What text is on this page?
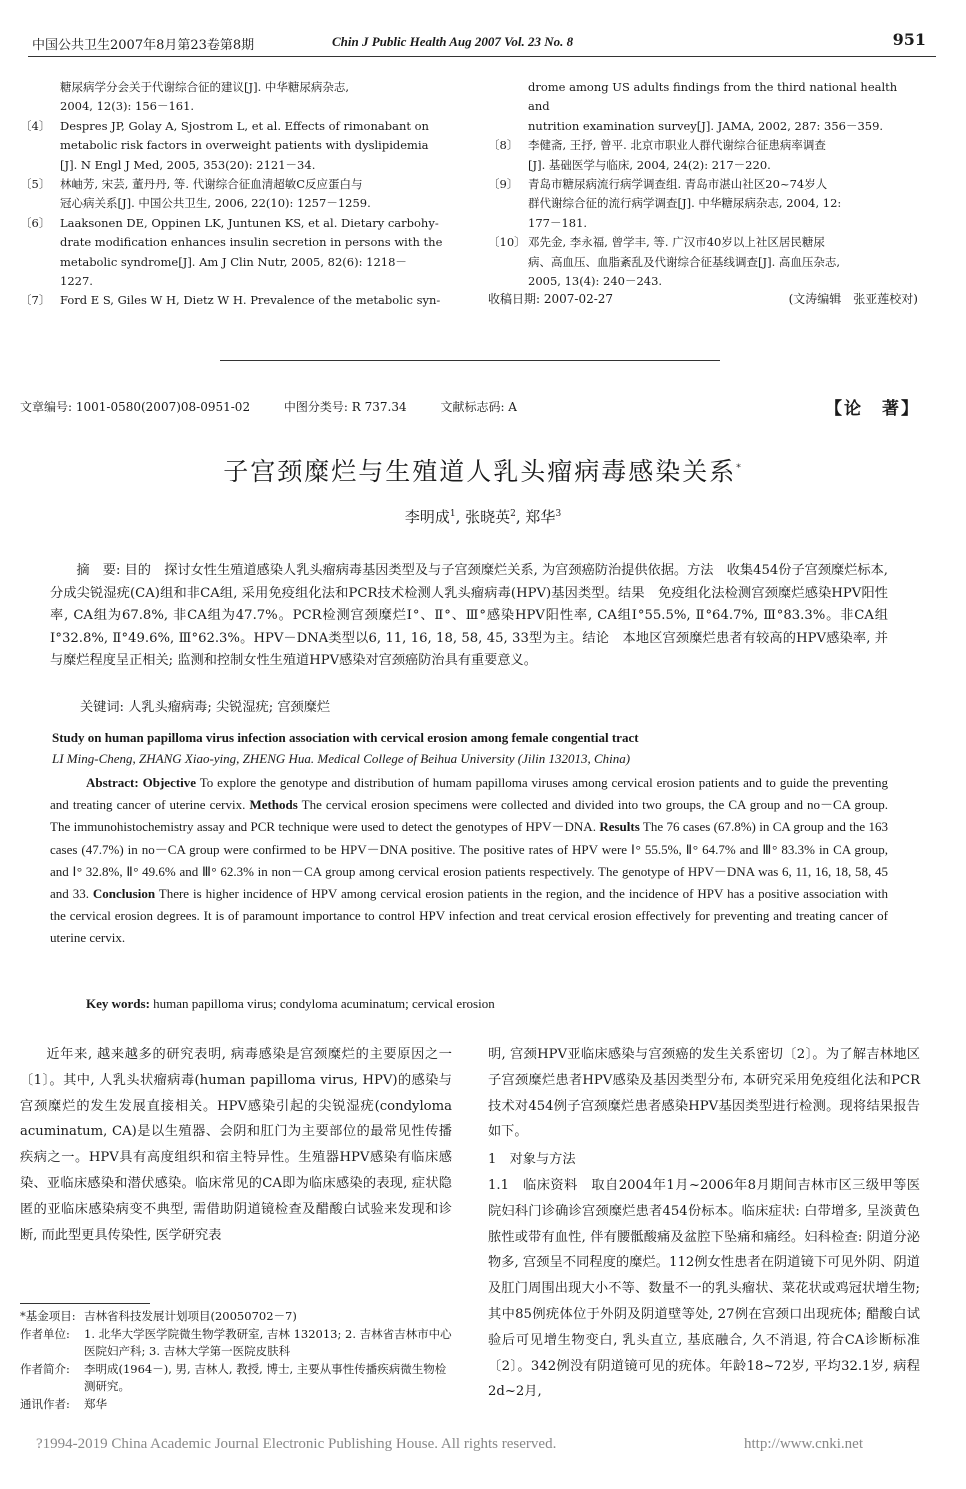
中国公共卫生2007年8月第23卷第8期	Chin J Public Health Aug 2007 Vol. 23 No. 8	951
糖尿病学分会关于代谢综合征的建议[J]. 中华糖尿病杂志,
2004, 12(3): 156－161.
〔4〕 Despres JP, Golay A, Sjostrom L, et al. Effects of rimonabant on
metabolic risk factors in overweight patients with dyslipidemia
[J]. N Engl J Med, 2005, 353(20): 2121－34.
〔5〕 林岫芳, 宋芸, 董丹丹, 等. 代谢综合征血清超敏C反应蛋白与
冠心病关系[J]. 中国公共卫生, 2006, 22(10): 1257－1259.
〔6〕 Laaksonen DE, Oppinen LK, Juntunen KS, et al. Dietary carbohy-
drate modification enhances insulin secretion in persons with the
metabolic syndrome[J]. Am J Clin Nutr, 2005, 82(6): 1218－
1227.
〔7〕 Ford E S, Giles W H, Dietz W H. Prevalence of the metabolic syn-
drome among US adults findings from the third national health and
nutrition examination survey[J]. JAMA, 2002, 287: 356－359.
〔8〕 李健斋, 王抒, 曾平. 北京市职业人群代谢综合征患病率调查
[J]. 基础医学与临床, 2004, 24(2): 217－220.
〔9〕 青岛市糖尿病流行病学调查组. 青岛市湛山社区20~74岁人
群代谢综合征的流行病学调查[J]. 中华糖尿病杂志, 2004, 12:
177－181.
〔10〕 邓先金, 李永福, 曾学丰, 等. 广汉市40岁以上社区居民糖尿
病、高血压、血脂紊乱及代谢综合征基线调查[J]. 高血压杂志,
2005, 13(4): 240－243.
收稿日期: 2007-02-27	(文涛编辑　张亚莲校对)
文章编号: 1001-0580(2007)08-0951-02	中图分类号: R 737.34	文献标志码: A	【论　著】
子宫颈糜烂与生殖道人乳头瘤病毒感染关系*
李明成$^1$, 张晓英$^2$, 郑华$^3$
摘　要: 目的　探讨女性生殖道感染人乳头瘤病毒基因类型及与子宫颈糜烂关系, 为宫颈癌防治提供依据。方法　收集454份子宫颈糜烂标本, 分成尖锐湿疣(CA)组和非CA组, 采用免疫组化法和PCR技术检测人乳头瘤病毒(HPV)基因类型。结果　免疫组化法检测宫颈糜烂感染HPV阳性率, CA组为67.8%, 非CA组为47.7%。PCR检测宫颈糜烂Ⅰ°、Ⅱ°、Ⅲ°感染HPV阳性率, CA组Ⅰ°55.5%, Ⅱ°64.7%, Ⅲ°83.3%。非CA组Ⅰ°32.8%, Ⅱ°49.6%, Ⅲ°62.3%。HPV－DNA类型以6, 11, 16, 18, 58, 45, 33型为主。结论　本地区宫颈糜烂患者有较高的HPV感染率, 并与糜烂程度呈正相关; 监测和控制女性生殖道HPV感染对宫颈癌防治具有重要意义。
关键词: 人乳头瘤病毒; 尖锐湿疣; 宫颈糜烂
Study on human papilloma virus infection association with cervical erosion among female congential tract
LI Ming-Cheng, ZHANG Xiao-ying, ZHENG Hua. Medical College of Beihua University (Jilin 132013, China)
Abstract: Objective To explore the genotype and distribution of humam papilloma viruses among cervical erosion patients and to guide the preventing and treating cancer of uterine cervix. Methods The cervical erosion specimens were collected and divided into two groups, the CA group and no－CA group. The immunohistochemistry assay and PCR technique were used to detect the genotypes of HPV－DNA. Results The 76 cases (67.8%) in CA group and the 163 cases (47.7%) in no－CA group were confirmed to be HPV－DNA positive. The positive rates of HPV were Ⅰ° 55.5%, Ⅱ° 64.7% and Ⅲ° 83.3% in CA group, and Ⅰ° 32.8%, Ⅱ° 49.6% and Ⅲ° 62.3% in non－CA group among cervical erosion patients respectively. The genotype of HPV－DNA was 6, 11, 16, 18, 58, 45 and 33. Conclusion There is higher incidence of HPV among cervical erosion patients in the region, and the incidence of HPV has a positive association with the cervical erosion degrees. It is of paramount importance to control HPV infection and treat cervical erosion effectively for preventing and treating cancer of uterine cervix.
Key words: human papilloma virus; condyloma acuminatum; cervical erosion
近年来, 越来越多的研究表明, 病毒感染是宫颈糜烂的主要原因之一〔1〕。其中, 人乳头状瘤病毒(human papilloma virus, HPV)的感染与宫颈糜烂的发生发展直接相关。HPV感染引起的尖锐湿疣(condyloma acuminatum, CA)是以生殖器、会阴和肛门为主要部位的最常见性传播疾病之一。HPV具有高度组织和宿主特异性。生殖器HPV感染有临床感染、亚临床感染和潜伏感染。临床常见的CA即为临床感染的表现, 症状隐匿的亚临床感染病变不典型, 需借助阴道镜检查及醋酸白试验来发现和诊断, 而此型更具传染性, 医学研究表
*基金项目: 吉林省科技发展计划项目(20050702－7)
作者单位: 1. 北华大学医学院微生物学教研室, 吉林 132013; 2. 吉林省吉林市中心医院妇产科; 3. 吉林大学第一医院皮肤科
作者简介: 李明成(1964－), 男, 吉林人, 教授, 博士, 主要从事性传播疾病微生物检测研究。
通讯作者: 郑华
明, 宫颈HPV亚临床感染与宫颈癌的发生关系密切〔2〕。为了解吉林地区子宫颈糜烂患者HPV感染及基因类型分布, 本研究采用免疫组化法和PCR技术对454例子宫颈糜烂患者感染HPV基因类型进行检测。现将结果报告如下。
1　对象与方法
1.1　临床资料　取自2004年1月~2006年8月期间吉林市区三级甲等医院妇科门诊确诊宫颈糜烂患者454份标本。临床症状: 白带增多, 呈淡黄色脓性或带有血性, 伴有腰骶酸痛及盆腔下坠痛和痛经。妇科检查: 阴道分泌物多, 宫颈呈不同程度的糜烂。112例女性患者在阴道镜下可见外阴、阴道及肛门周围出现大小不等、数量不一的乳头瘤状、菜花状或鸡冠状增生物; 其中85例疣体位于外阴及阴道壁等处, 27例在宫颈口出现疣体; 醋酸白试验后可见增生物变白, 乳头直立, 基底融合, 久不消退, 符合CA诊断标准〔2〕。342例没有阴道镜可见的疣体。年龄18~72岁, 平均32.1岁, 病程2d~2月,
?1994-2019 China Academic Journal Electronic Publishing House. All rights reserved.	http://www.cnki.net
